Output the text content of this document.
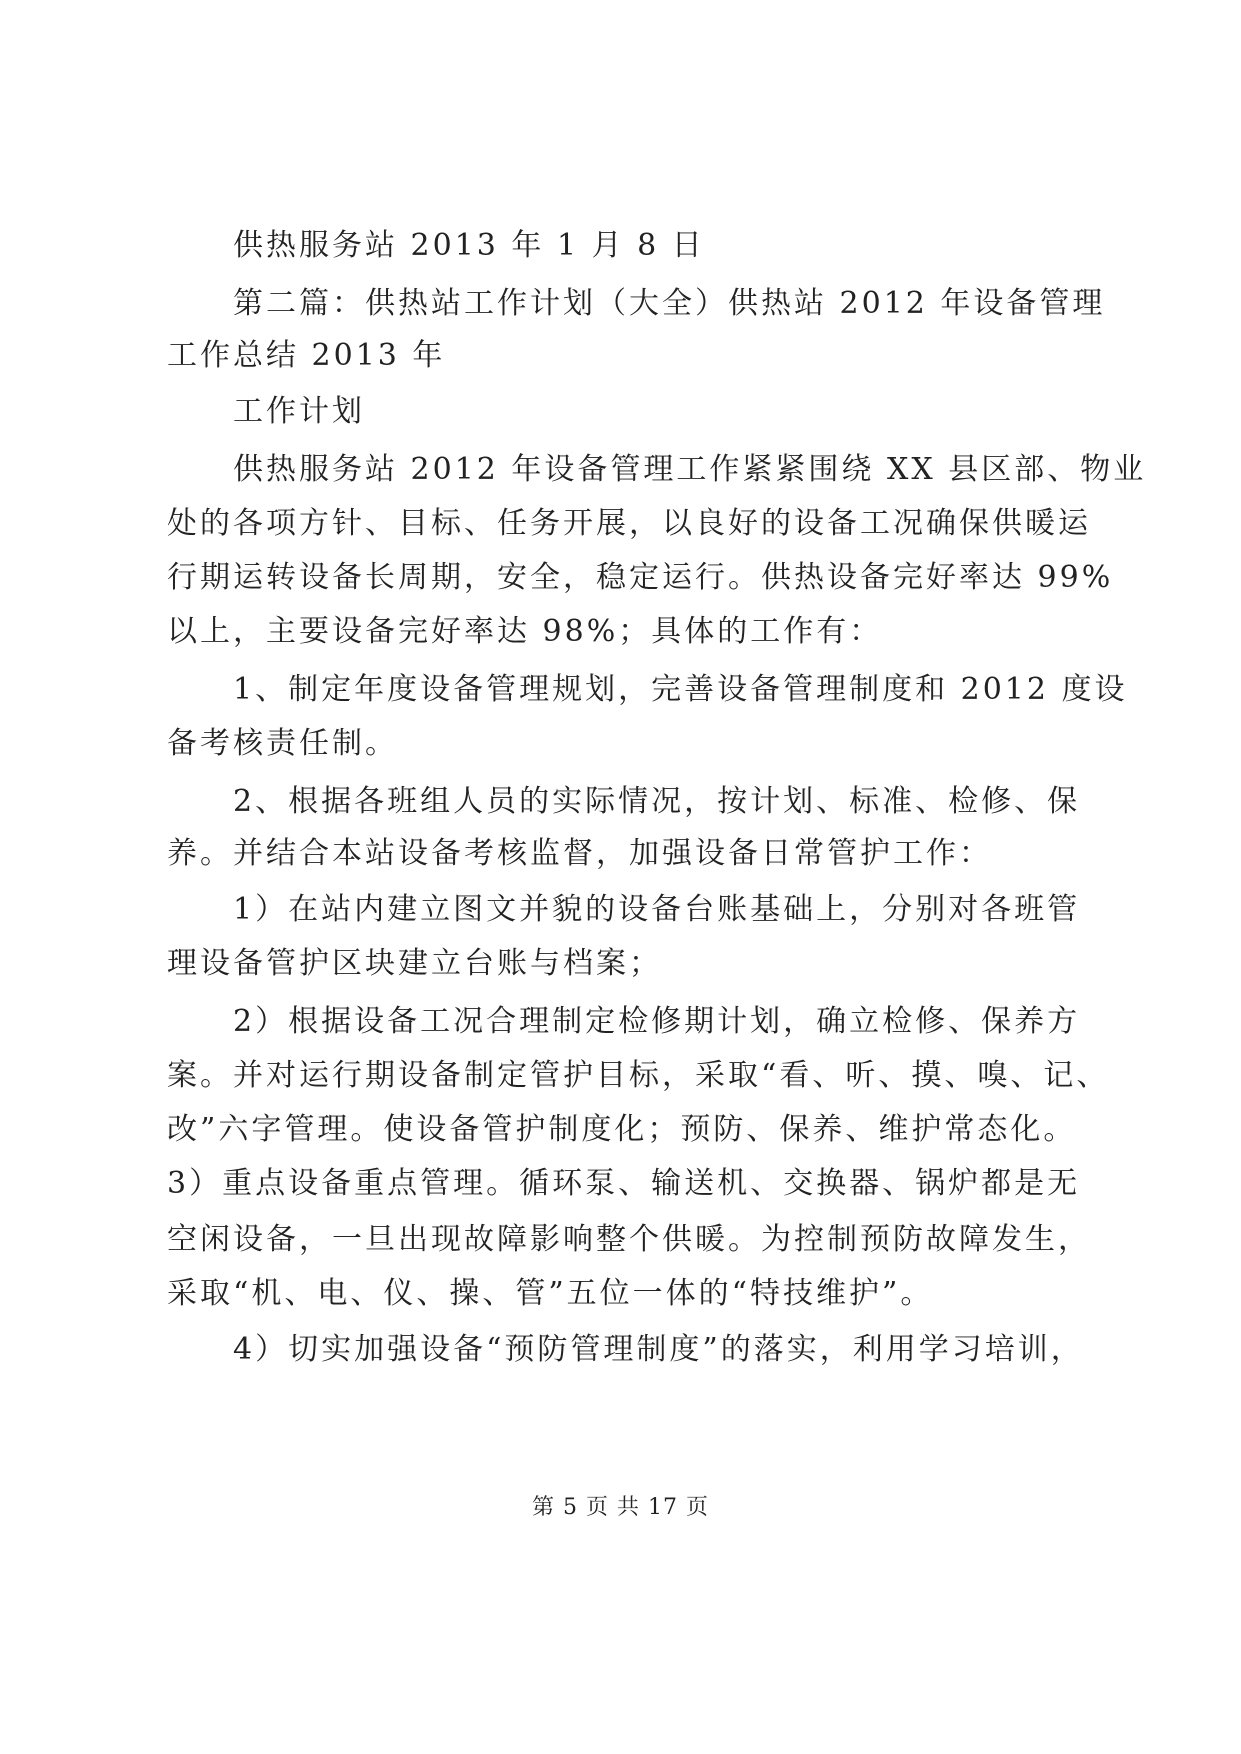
供热服务站 2013 年 1 月 8 日
第二篇：供热站工作计划（大全）供热站 2012 年设备管理
工作总结 2013 年
工作计划
供热服务站 2012 年设备管理工作紧紧围绕 XX 县区部、物业
处的各项方针、目标、任务开展，以良好的设备工况确保供暖运
行期运转设备长周期，安全，稳定运行。供热设备完好率达 99%
以上，主要设备完好率达 98%；具体的工作有：
1、制定年度设备管理规划，完善设备管理制度和 2012 度设
备考核责任制。
2、根据各班组人员的实际情况，按计划、标准、检修、保
养。并结合本站设备考核监督，加强设备日常管护工作：
1）在站内建立图文并貌的设备台账基础上，分别对各班管
理设备管护区块建立台账与档案；
2）根据设备工况合理制定检修期计划，确立检修、保养方
案。并对运行期设备制定管护目标，采取“看、听、摸、嗅、记、
改”六字管理。使设备管护制度化；预防、保养、维护常态化。
3）重点设备重点管理。循环泵、输送机、交换器、锅炉都是无
空闲设备，一旦出现故障影响整个供暖。为控制预防故障发生，
采取“机、电、仪、操、管”五位一体的“特技维护”。
4）切实加强设备“预防管理制度”的落实，利用学习培训，
第 5 页 共 17 页
